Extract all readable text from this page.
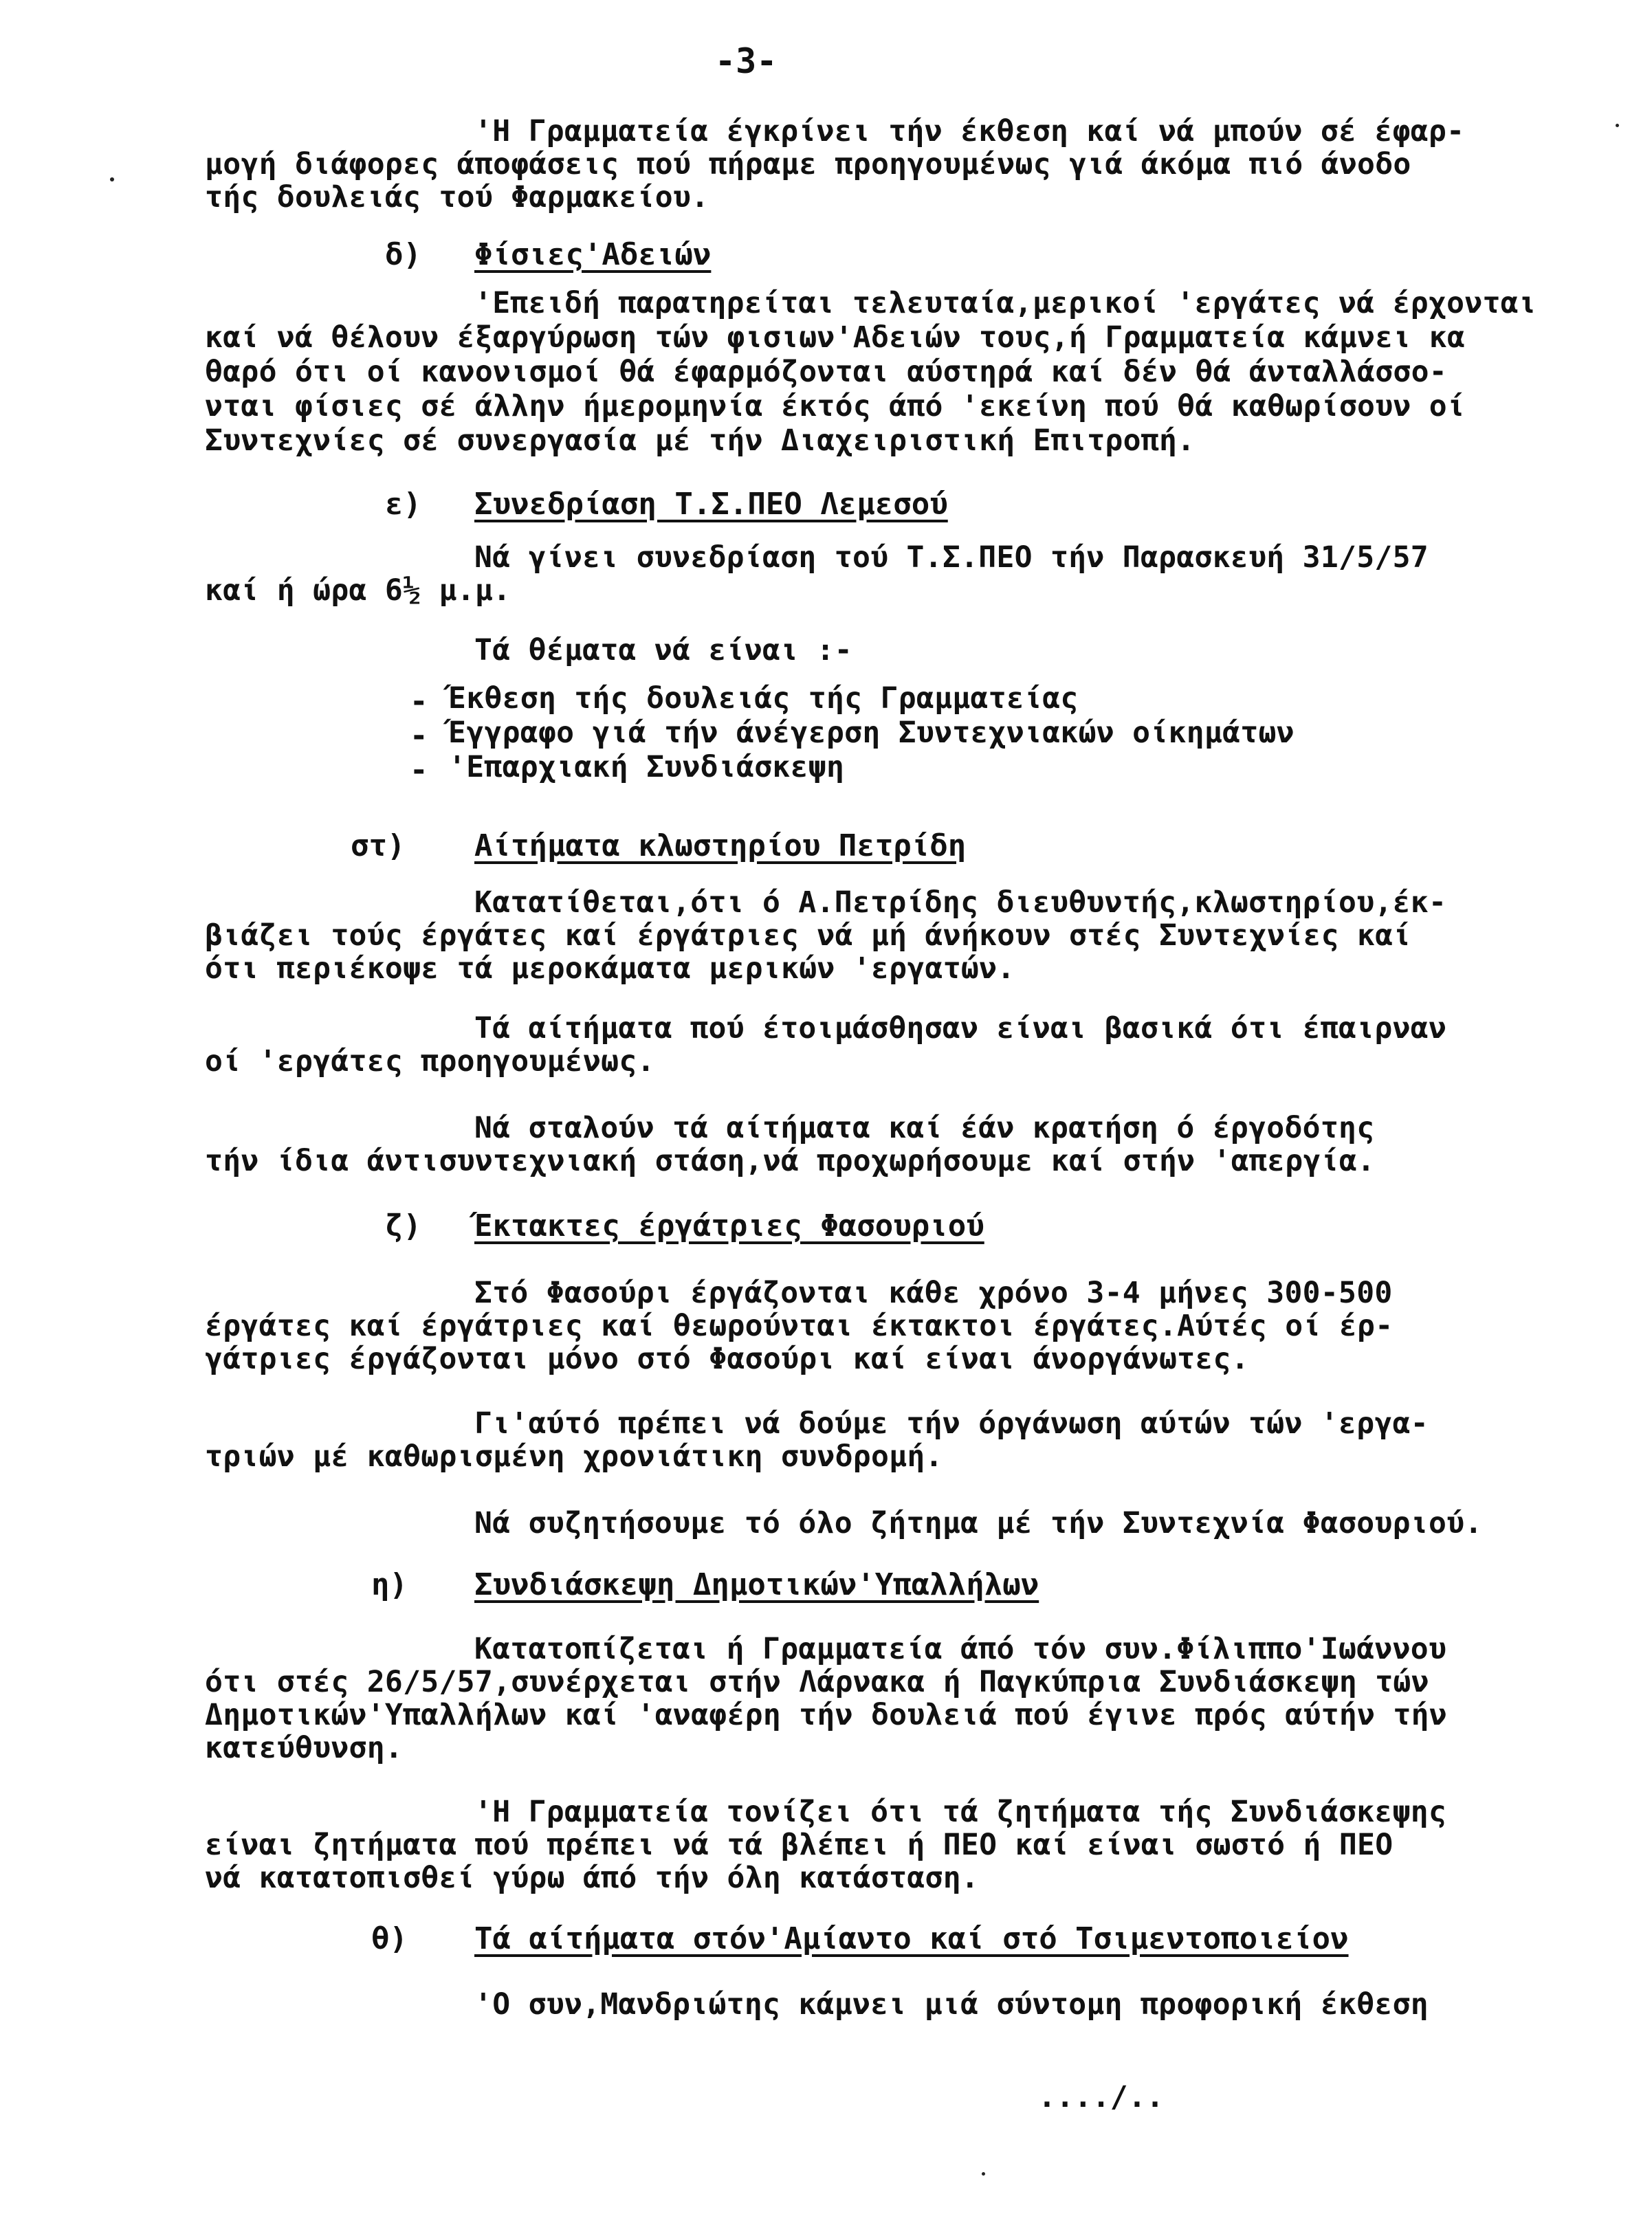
-3-
'Η Γραμματεία έγκρίνει τήν έκθεση καί νά μπούν σέ έφαρ-
μογή διάφορες άποφάσεις πού πήραμε προηγουμένως γιά άκόμα πιό άνοδο
τής δουλειάς τού Φαρμακείου.
δ) Φίσιες'Αδειών
'Επειδή παρατηρείται τελευταία,μερικοί 'εργάτες νά έρχονται
καί νά θέλουν έξαργύρωση τών φισιων'Αδειών τους,ή Γραμματεία κάμνει κα
θαρό ότι οί κανονισμοί θά έφαρμόζονται αύστηρά καί δέν θά άνταλλάσσο-
νται φίσιες σέ άλλην ήμερομηνία έκτός άπό 'εκείνη πού θά καθωρίσουν οί
Συντεχνίες σέ συνεργασία μέ τήν Διαχειριστική Επιτροπή.
ε) Συνεδρίαση Τ.Σ.ΠΕΟ Λεμεσού
Νά γίνει συνεδρίαση τού Τ.Σ.ΠΕΟ τήν Παρασκευή 31/5/57
καί ή ώρα 6½ μ.μ.
Τά θέματα νά είναι :-
- Έκθεση τής δουλειάς τής Γραμματείας
- Έγγραφο γιά τήν άνέγερση Συντεχνιακών οίκημάτων
- 'Επαρχιακή Συνδιάσκεψη
στ) Αίτήματα κλωστηρίου Πετρίδη
Κατατίθεται,ότι ό Α.Πετρίδης διευθυντής,κλωστηρίου,έκ-
βιάζει τούς έργάτες καί έργάτριες νά μή άνήκουν στές Συντεχνίες καί
ότι περιέκοψε τά μεροκάματα μερικών 'εργατών.
Τά αίτήματα πού έτοιμάσθησαν είναι βασικά ότι έπαιρναν
οί 'εργάτες προηγουμένως.
Νά σταλούν τά αίτήματα καί έάν κρατήση ό έργοδότης
τήν ίδια άντισυντεχνιακή στάση,νά προχωρήσουμε καί στήν 'απεργία.
ζ) Έκτακτες έργάτριες Φασουριού
Στό Φασούρι έργάζονται κάθε χρόνο 3-4 μήνες 300-500
έργάτες καί έργάτριες καί θεωρούνται έκτακτοι έργάτες.Αύτές οί έρ-
γάτριες έργάζονται μόνο στό Φασούρι καί είναι άνοργάνωτες.
Γι'αύτό πρέπει νά δούμε τήν όργάνωση αύτών τών 'εργα-
τριών μέ καθωρισμένη χρονιάτικη συνδρομή.
Νά συζητήσουμε τό όλο ζήτημα μέ τήν Συντεχνία Φασουριού.
η) Συνδιάσκεψη Δημοτικών'Υπαλλήλων
Κατατοπίζεται ή Γραμματεία άπό τόν συν.Φίλιππο'Ιωάννου
ότι στές 26/5/57,συνέρχεται στήν Λάρνακα ή Παγκύπρια Συνδιάσκεψη τών
Δημοτικών'Υπαλλήλων καί 'αναφέρη τήν δουλειά πού έγινε πρός αύτήν τήν
κατεύθυνση.
'Η Γραμματεία τονίζει ότι τά ζητήματα τής Συνδιάσκεψης
είναι ζητήματα πού πρέπει νά τά βλέπει ή ΠΕΟ καί είναι σωστό ή ΠΕΟ
νά κατατοπισθεί γύρω άπό τήν όλη κατάσταση.
θ) Τά αίτήματα στόν'Αμίαντο καί στό Τσιμεντοποιείον
'Ο συν,Μανδριώτης κάμνει μιά σύντομη προφορική έκθεση
..../..
